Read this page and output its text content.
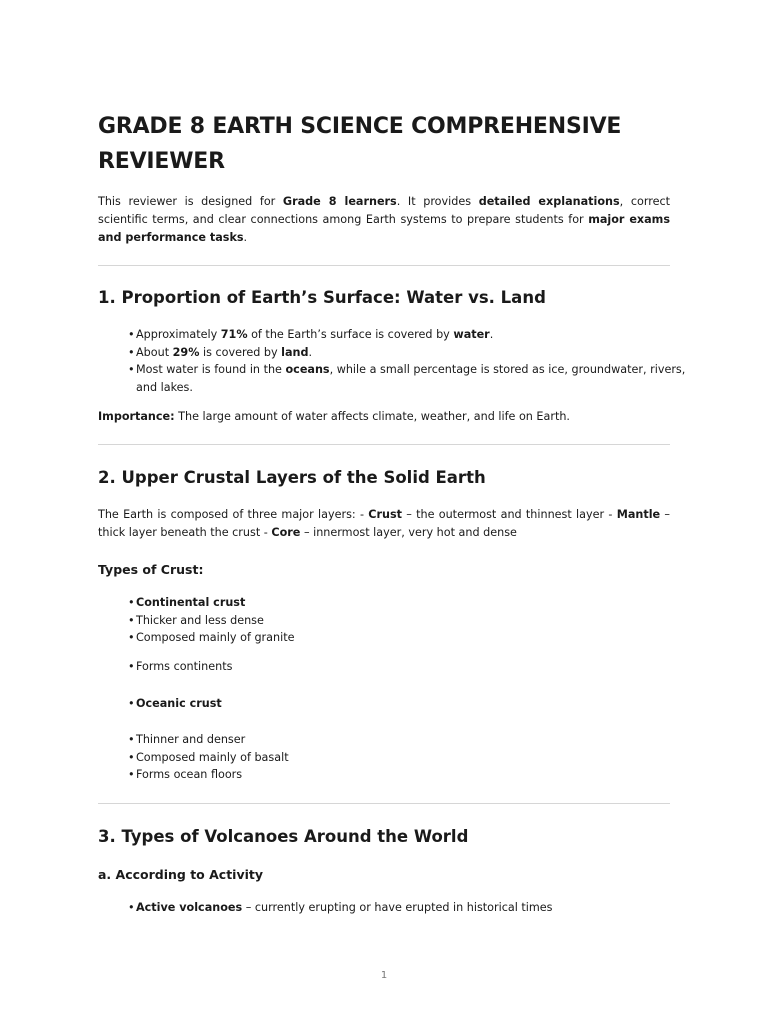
GRADE 8 EARTH SCIENCE COMPREHENSIVE REVIEWER

This reviewer is designed for Grade 8 learners. It provides detailed explanations, correct scientific terms, and clear connections among Earth systems to prepare students for major exams and performance tasks.

1. Proportion of Earth’s Surface: Water vs. Land
• Approximately 71% of the Earth’s surface is covered by water.
• About 29% is covered by land.
• Most water is found in the oceans, while a small percentage is stored as ice, groundwater, rivers, and lakes.

Importance: The large amount of water affects climate, weather, and life on Earth.

2. Upper Crustal Layers of the Solid Earth

The Earth is composed of three major layers: - Crust – the outermost and thinnest layer - Mantle – thick layer beneath the crust - Core – innermost layer, very hot and dense

Types of Crust:
• Continental crust
• Thicker and less dense
• Composed mainly of granite
• Forms continents
• Oceanic crust
• Thinner and denser
• Composed mainly of basalt
• Forms ocean floors
3. Types of Volcanoes Around the World
a. According to Activity
• Active volcanoes – currently erupting or have erupted in historical times
1
